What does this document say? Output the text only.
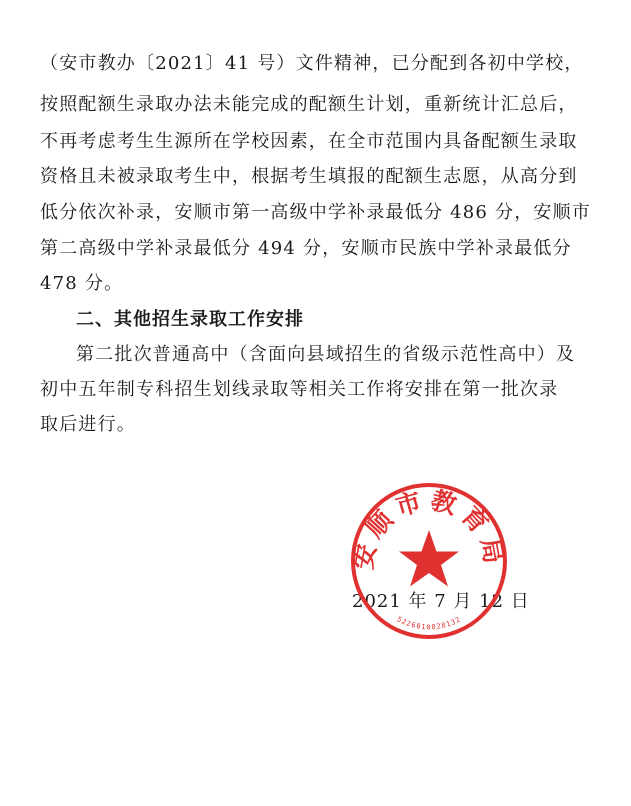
（安市教办〔2021〕41 号）文件精神，已分配到各初中学校，
按照配额生录取办法未能完成的配额生计划，重新统计汇总后，
不再考虑考生生源所在学校因素，在全市范围内具备配额生录取
资格且未被录取考生中，根据考生填报的配额生志愿，从高分到
低分依次补录，安顺市第一高级中学补录最低分 486 分，安顺市
第二高级中学补录最低分 494 分，安顺市民族中学补录最低分
478 分。
二、其他招生录取工作安排
第二批次普通高中（含面向县域招生的省级示范性高中）及
初中五年制专科招生划线录取等相关工作将安排在第一批次录
取后进行。
2021 年 7 月 12 日
安顺市教育局
5226010028132
